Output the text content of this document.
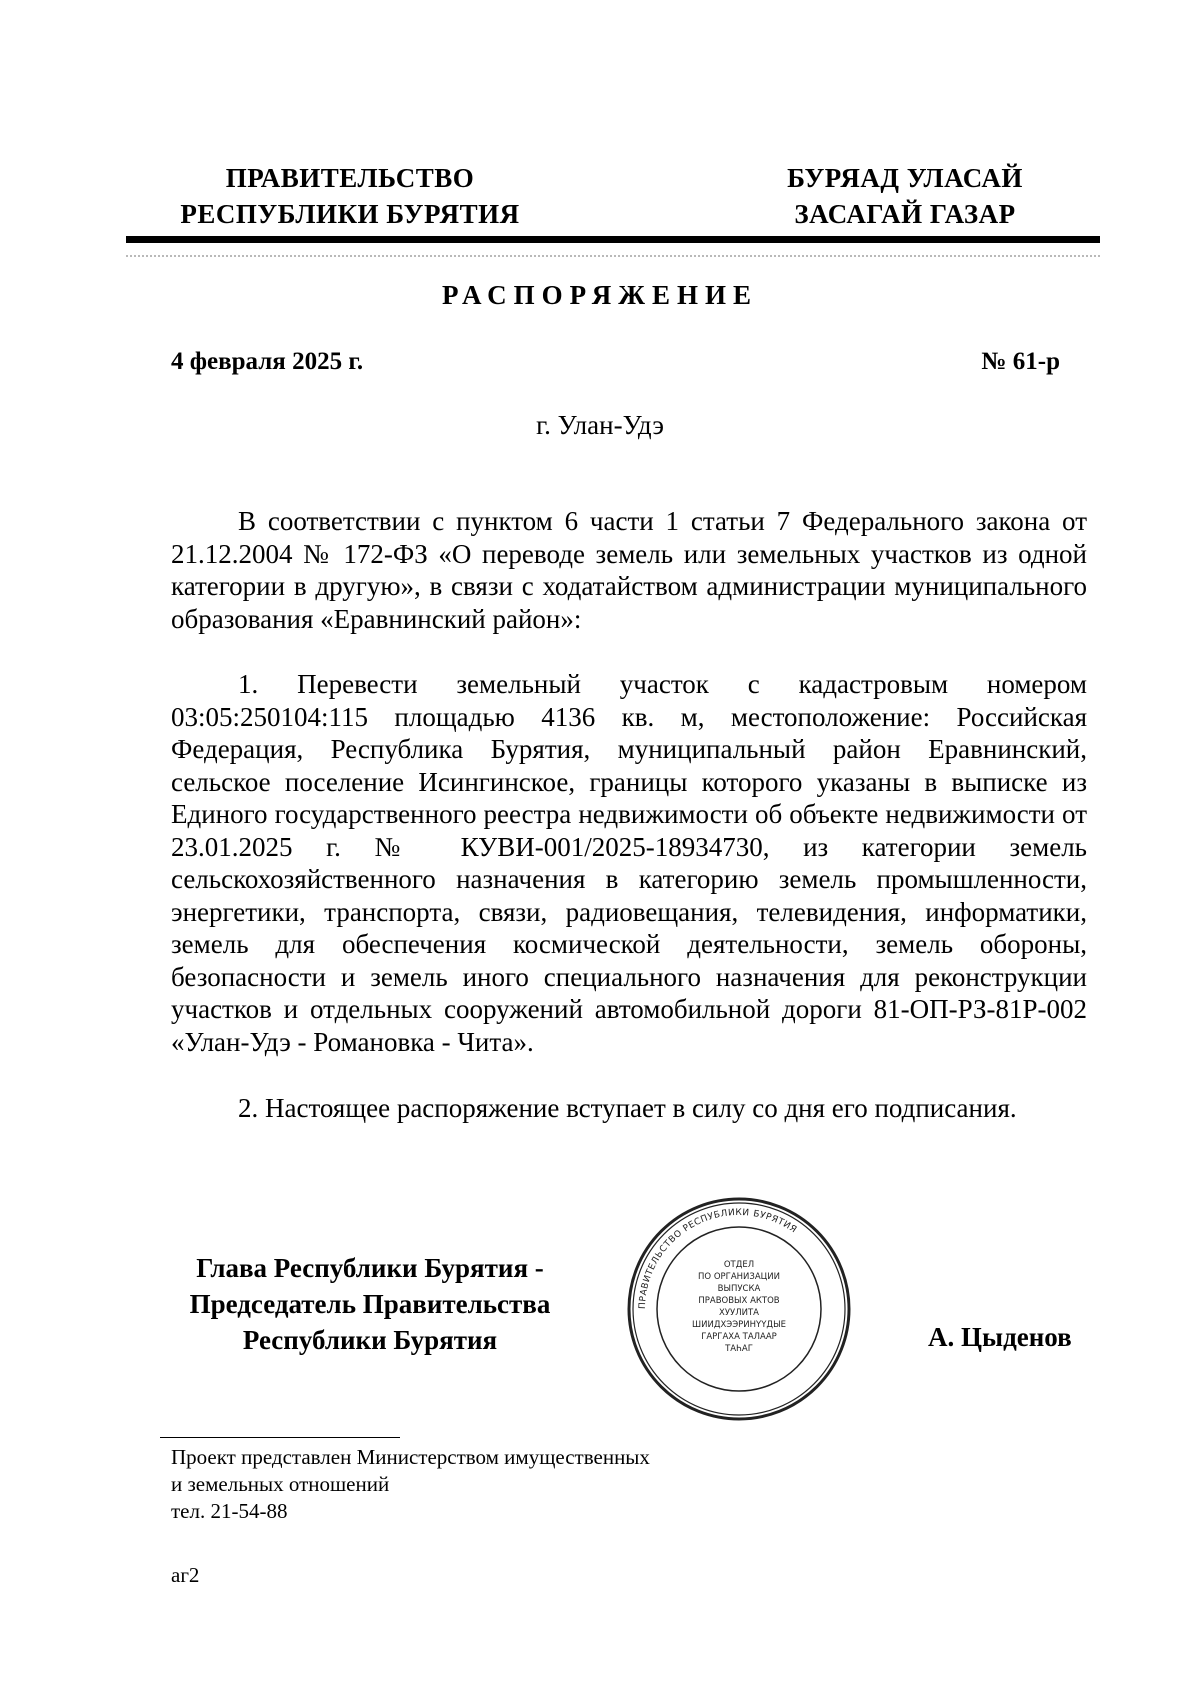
ПРАВИТЕЛЬСТВО
РЕСПУБЛИКИ БУРЯТИЯ
БУРЯАД УЛАСАЙ
ЗАСАГАЙ ГАЗАР
РАСПОРЯЖЕНИЕ
4 февраля 2025 г.	№ 61-р
г. Улан-Удэ

В соответствии с пунктом 6 части 1 статьи 7 Федерального закона от 21.12.2004 № 172-ФЗ «О переводе земель или земельных участков из одной категории в другую», в связи с ходатайством администрации муниципального образования «Еравнинский район»:

1. Перевести земельный участок с кадастровым номером 03:05:250104:115 площадью 4136 кв. м, местоположение: Российская Федерация, Республика Бурятия, муниципальный район Еравнинский, сельское поселение Исингинское, границы которого указаны в выписке из Единого государственного реестра недвижимости об объекте недвижимости от 23.01.2025 г. № КУВИ-001/2025-18934730, из категории земель сельскохозяйственного назначения в категорию земель промышленности, энергетики, транспорта, связи, радиовещания, телевидения, информатики, земель для обеспечения космической деятельности, земель обороны, безопасности и земель иного специального назначения для реконструкции участков и отдельных сооружений автомобильной дороги 81-ОП-РЗ-81Р-002 «Улан-Удэ - Романовка - Чита».

2. Настоящее распоряжение вступает в силу со дня его подписания.

Глава Республики Бурятия -
Председатель Правительства
Республики Бурятия
ПРАВИТЕЛЬСТВО РЕСПУБЛИКИ БУРЯТИЯ
ОТДЕЛ
ПО ОРГАНИЗАЦИИ
ВЫПУСКА
ПРАВОВЫХ АКТОВ
ХУУЛИТА
ШИИДХЭЭРИНҮҮДЫЕ
ГАРГАХА ТАЛААР
ТАҺАГ	А. Цыденов
Проект представлен Министерством имущественных
и земельных отношений
тел. 21-54-88
аг2
